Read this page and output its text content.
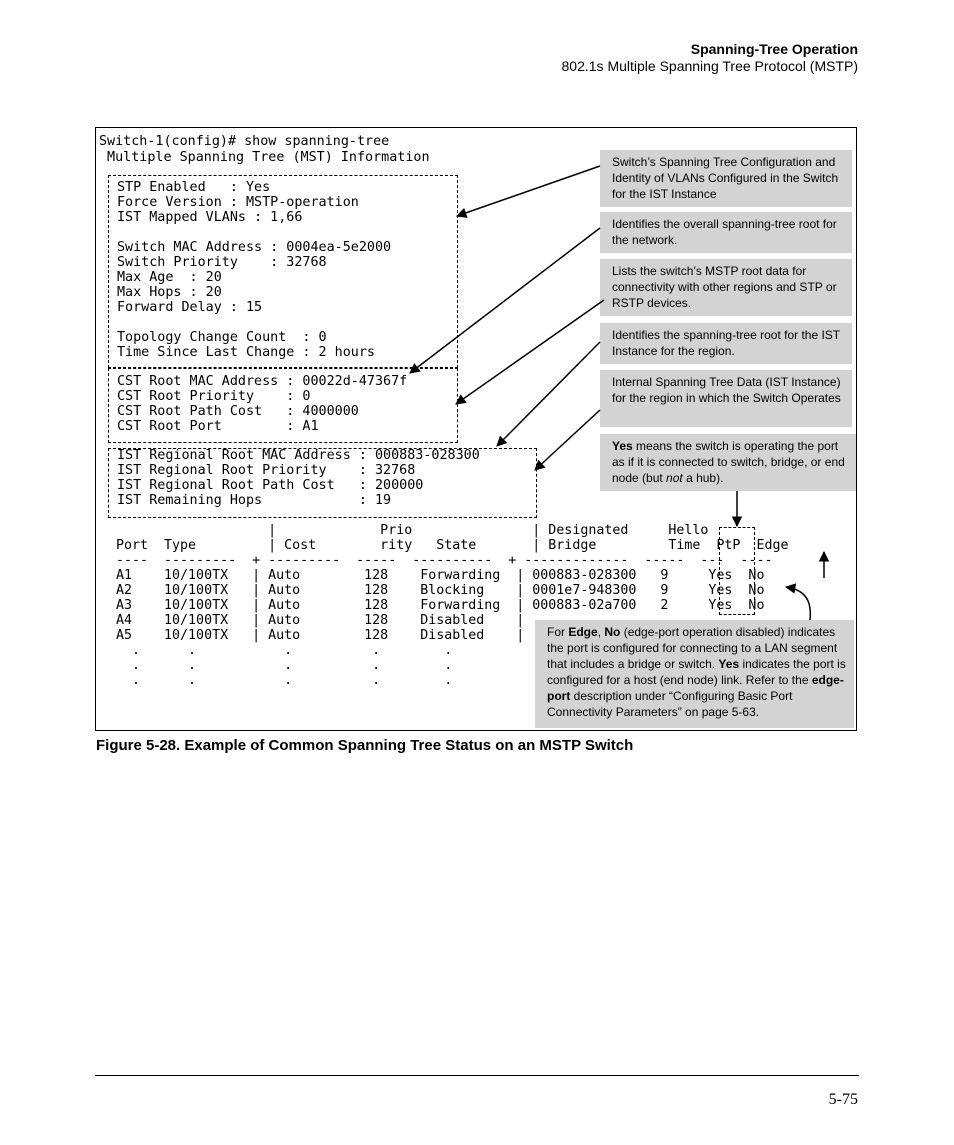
Spanning-Tree Operation
802.1s Multiple Spanning Tree Protocol (MSTP)
Switch-1(config)# show spanning-tree
Multiple Spanning Tree (MST) Information
STP Enabled   : Yes
Force Version : MSTP-operation
IST Mapped VLANs : 1,66

Switch MAC Address : 0004ea-5e2000
Switch Priority    : 32768
Max Age  : 20
Max Hops : 20
Forward Delay : 15

Topology Change Count  : 0
Time Since Last Change : 2 hours
CST Root MAC Address : 00022d-47367f
CST Root Priority    : 0
CST Root Path Cost   : 4000000
CST Root Port        : A1
IST Regional Root MAC Address : 000883-028300
IST Regional Root Priority    : 32768
IST Regional Root Path Cost   : 200000
IST Remaining Hops            : 19
|             Prio               | Designated     Hello
Port  Type         | Cost        rity   State       | Bridge         Time  PtP  Edge
----  ---------  + ---------  -----  ----------  + -------------  -----  ---  ----
A1    10/100TX   | Auto        128    Forwarding  | 000883-028300   9     Yes  No
A2    10/100TX   | Auto        128    Blocking    | 0001e7-948300   9     Yes  No
A3    10/100TX   | Auto        128    Forwarding  | 000883-02a700   2     Yes  No
A4    10/100TX   | Auto        128    Disabled    |
A5    10/100TX   | Auto        128    Disabled    |
.      .           .          .        .
.      .           .          .        .
.      .           .          .        .
Switch’s Spanning Tree Configuration and Identity of VLANs Configured in the Switch for the IST Instance
Identifies the overall spanning-tree root for the network.
Lists the switch’s MSTP root data for connectivity with other regions and STP or RSTP devices.
Identifies the spanning-tree root for the IST Instance for the region.
Internal Spanning Tree Data (IST Instance) for the region in which the Switch Operates
Yes means the switch is operating the port as if it is connected to switch, bridge, or end node (but not a hub).
For Edge, No (edge-port operation disabled) indicates the port is configured for connecting to a LAN segment that includes a bridge or switch. Yes indicates the port is configured for a host (end node) link. Refer to the edge-port description under “Configuring Basic Port Connectivity Parameters” on page 5-63.
Figure 5-28. Example of Common Spanning Tree Status on an MSTP Switch
5-75
